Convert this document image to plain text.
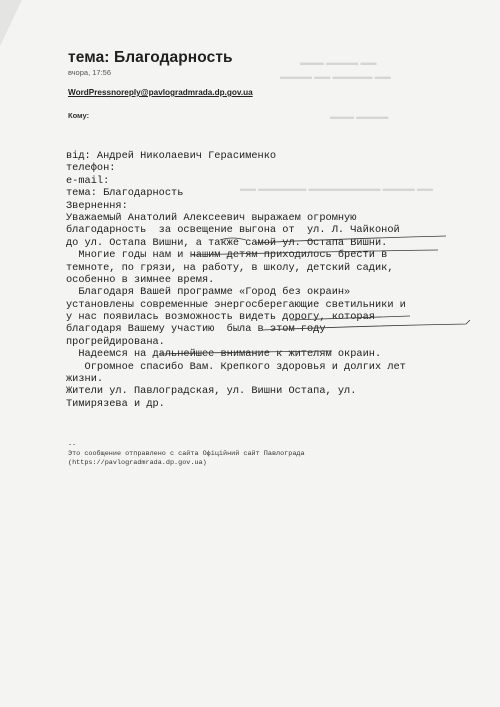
▬▬▬ ▬▬▬▬ ▬▬
▬▬▬▬ ▬▬ ▬▬▬▬▬ ▬▬
▬▬▬ ▬▬▬▬
▬▬ ▬▬▬▬▬▬ ▬▬▬▬▬▬▬▬▬ ▬▬▬▬ ▬▬
тема: Благодарность
вчора, 17:56
WordPressnoreply@pavlogradmrada.dp.gov.ua
Кому:
від: Андрей Николаевич Герасименко
телефон:
e-mail:
тема: Благодарность
Звернення:
Уважаемый Анатолий Алексеевич выражаем огромную
благодарность  за освещение выгона от  ул. Л. Чайконой
до ул. Остапа Вишни, а также самой ул. Остапа Вишни.
Многие годы нам и нашим детям приходилось брести в
темноте, по грязи, на работу, в школу, детский садик,
особенно в зимнее время.
Благодаря Вашей программе «Город без окраин»
установлены современные энергосберегающие светильники и
у нас появилась возможность видеть дорогу, которая
благодаря Вашему участию  была в этом году
прогрейдирована.
Надеемся на дальнейшее внимание к жителям окраин.
Огромное спасибо Вам. Крепкого здоровья и долгих лет
жизни.
Жители ул. Павлоградская, ул. Вишни Остапа, ул.
Тимирязева и др.
--
Это сообщение отправлено с сайта Офіційний сайт Павлограда
(https://pavlogradmrada.dp.gov.ua)
